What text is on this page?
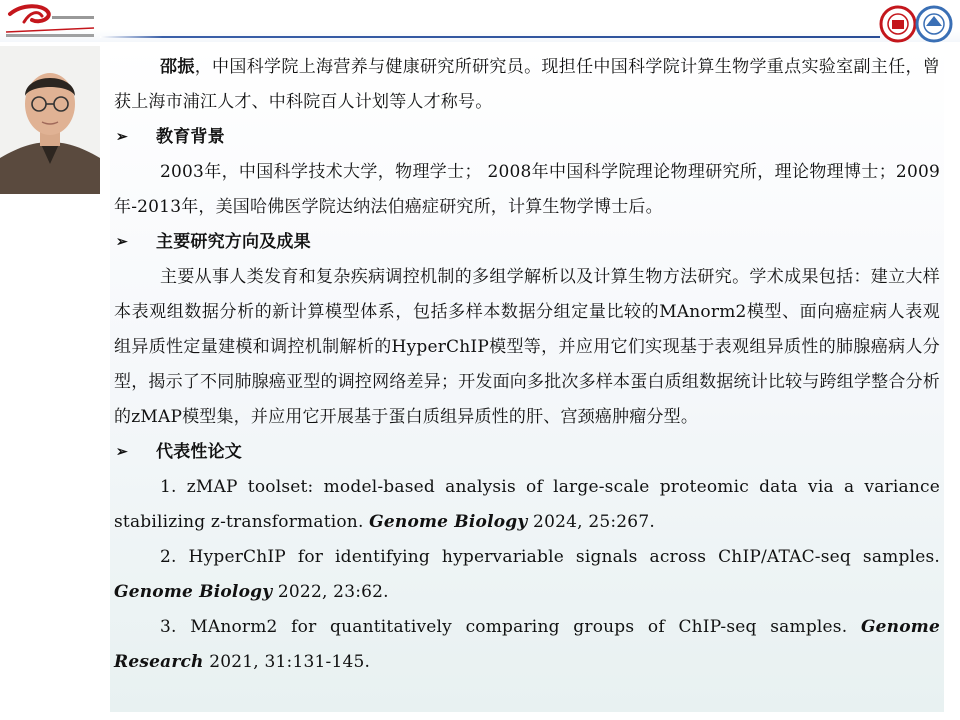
邵振，中国科学院上海营养与健康研究所研究员。现担任中国科学院计算生物学重点实验室副主任，曾获上海市浦江人才、中科院百人计划等人才称号。

➢	教育背景

2003年，中国科学技术大学，物理学士； 2008年中国科学院理论物理研究所，理论物理博士；2009年-2013年，美国哈佛医学院达纳法伯癌症研究所，计算生物学博士后。

➢	主要研究方向及成果

主要从事人类发育和复杂疾病调控机制的多组学解析以及计算生物方法研究。学术成果包括：建立大样本表观组数据分析的新计算模型体系，包括多样本数据分组定量比较的MAnorm2模型、面向癌症病人表观组异质性定量建模和调控机制解析的HyperChIP模型等，并应用它们实现基于表观组异质性的肺腺癌病人分型，揭示了不同肺腺癌亚型的调控网络差异；开发面向多批次多样本蛋白质组数据统计比较与跨组学整合分析的zMAP模型集，并应用它开展基于蛋白质组异质性的肝、宫颈癌肿瘤分型。

➢	代表性论文

1. zMAP toolset: model-based analysis of large-scale proteomic data via a variance stabilizing z-transformation. Genome Biology 2024, 25:267.

2. HyperChIP for identifying hypervariable signals across ChIP/ATAC-seq samples. Genome Biology 2022, 23:62.

3. MAnorm2 for quantitatively comparing groups of ChIP-seq samples. Genome Research 2021, 31:131-145.
